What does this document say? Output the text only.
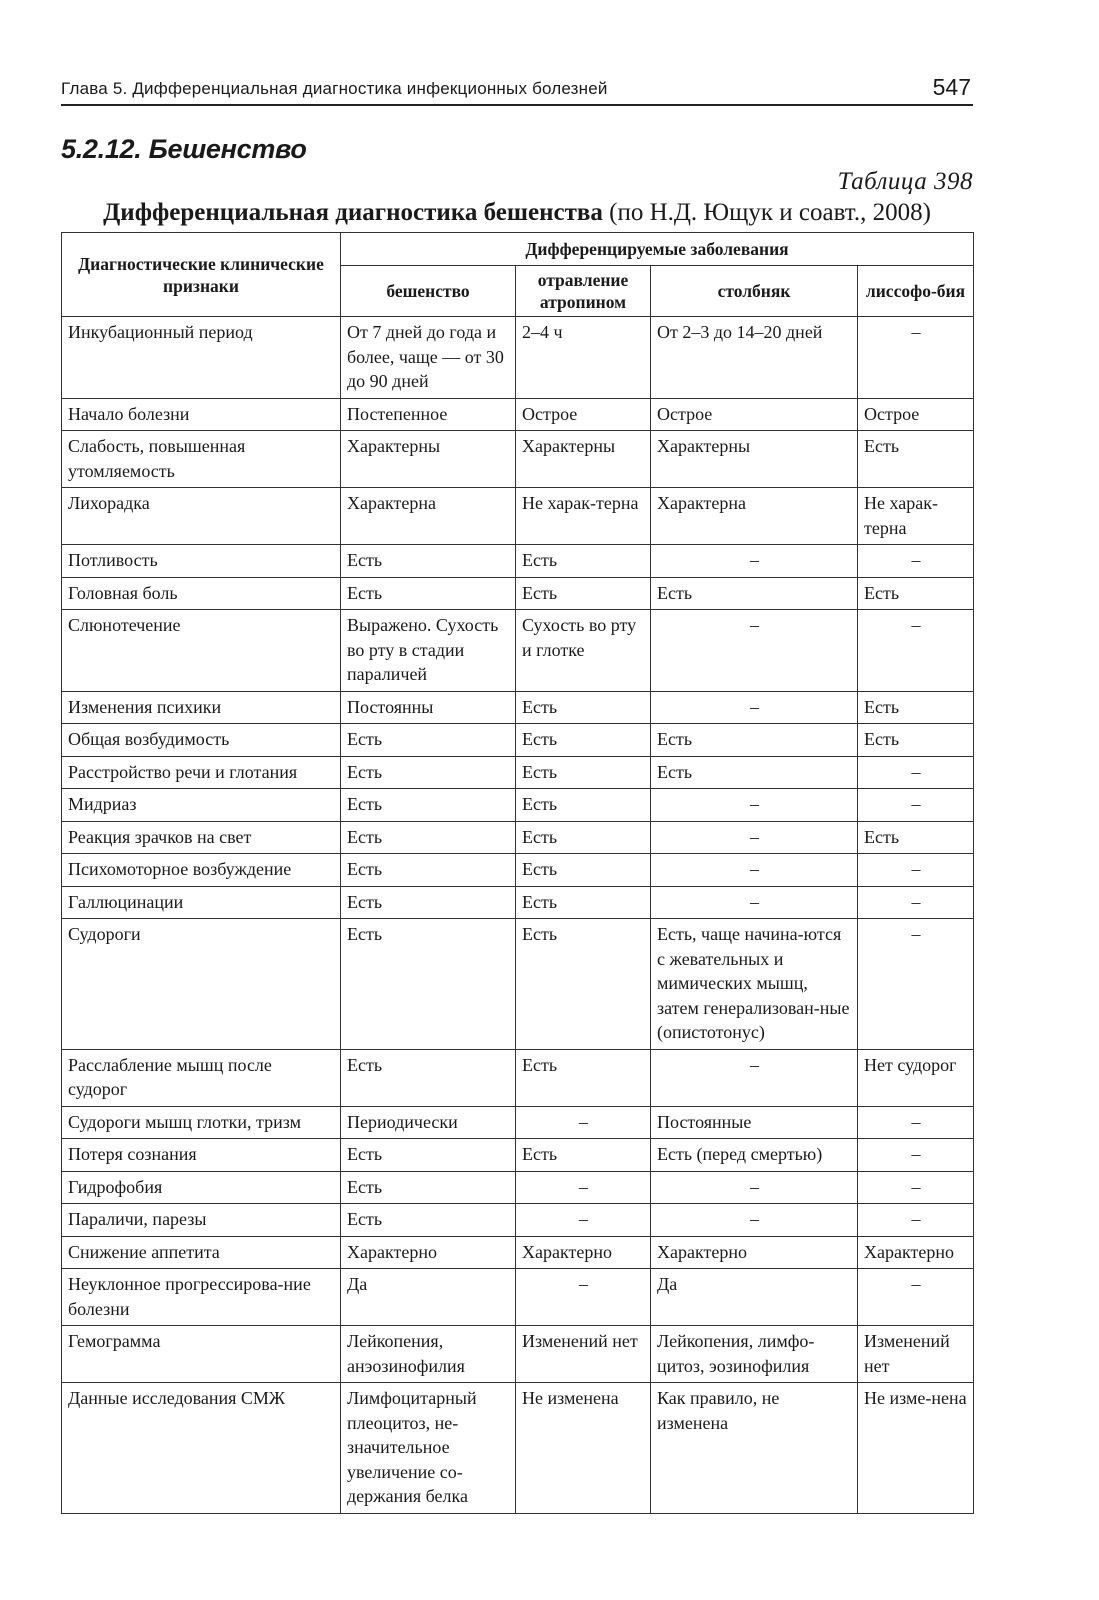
Глава 5. Дифференциальная диагностика инфекционных болезней	547
5.2.12. Бешенство
Таблица 398
Дифференциальная диагностика бешенства (по Н.Д. Ющук и соавт., 2008)
Диагностические клинические признаки	Дифференцируемые заболевания			
	бешенство	отравление атропином	столбняк	лиссофо-бия
Инкубационный период	От 7 дней до года и более, чаще — от 30 до 90 дней	2–4 ч	От 2–3 до 14–20 дней	–
Начало болезни	Постепенное	Острое	Острое	Острое
Слабость, повышенная утомляемость	Характерны	Характерны	Характерны	Есть
Лихорадка	Характерна	Не харак-терна	Характерна	Не харак-терна
Потливость	Есть	Есть	–	–
Головная боль	Есть	Есть	Есть	Есть
Слюнотечение	Выражено. Сухость во рту в стадии параличей	Сухость во рту и глотке	–	–
Изменения психики	Постоянны	Есть	–	Есть
Общая возбудимость	Есть	Есть	Есть	Есть
Расстройство речи и глотания	Есть	Есть	Есть	–
Мидриаз	Есть	Есть	–	–
Реакция зрачков на свет	Есть	Есть	–	Есть
Психомоторное возбуждение	Есть	Есть	–	–
Галлюцинации	Есть	Есть	–	–
Судороги	Есть	Есть	Есть, чаще начина-ются с жевательных и мимических мышц, затем генерализован-ные (опистотонус)	–
Расслабление мышц после судорог	Есть	Есть	–	Нет судорог
Судороги мышц глотки, тризм	Периодически	–	Постоянные	–
Потеря сознания	Есть	Есть	Есть (перед смертью)	–
Гидрофобия	Есть	–	–	–
Параличи, парезы	Есть	–	–	–
Снижение аппетита	Характерно	Характерно	Характерно	Характерно
Неуклонное прогрессирова-ние болезни	Да	–	Да	–
Гемограмма	Лейкопения, анэозинофилия	Изменений нет	Лейкопения, лимфо-цитоз, эозинофилия	Изменений нет
Данные исследования СМЖ	Лимфоцитарный плеоцитоз, не-значительное увеличение со-держания белка	Не изменена	Как правило, не изменена	Не изме-нена
